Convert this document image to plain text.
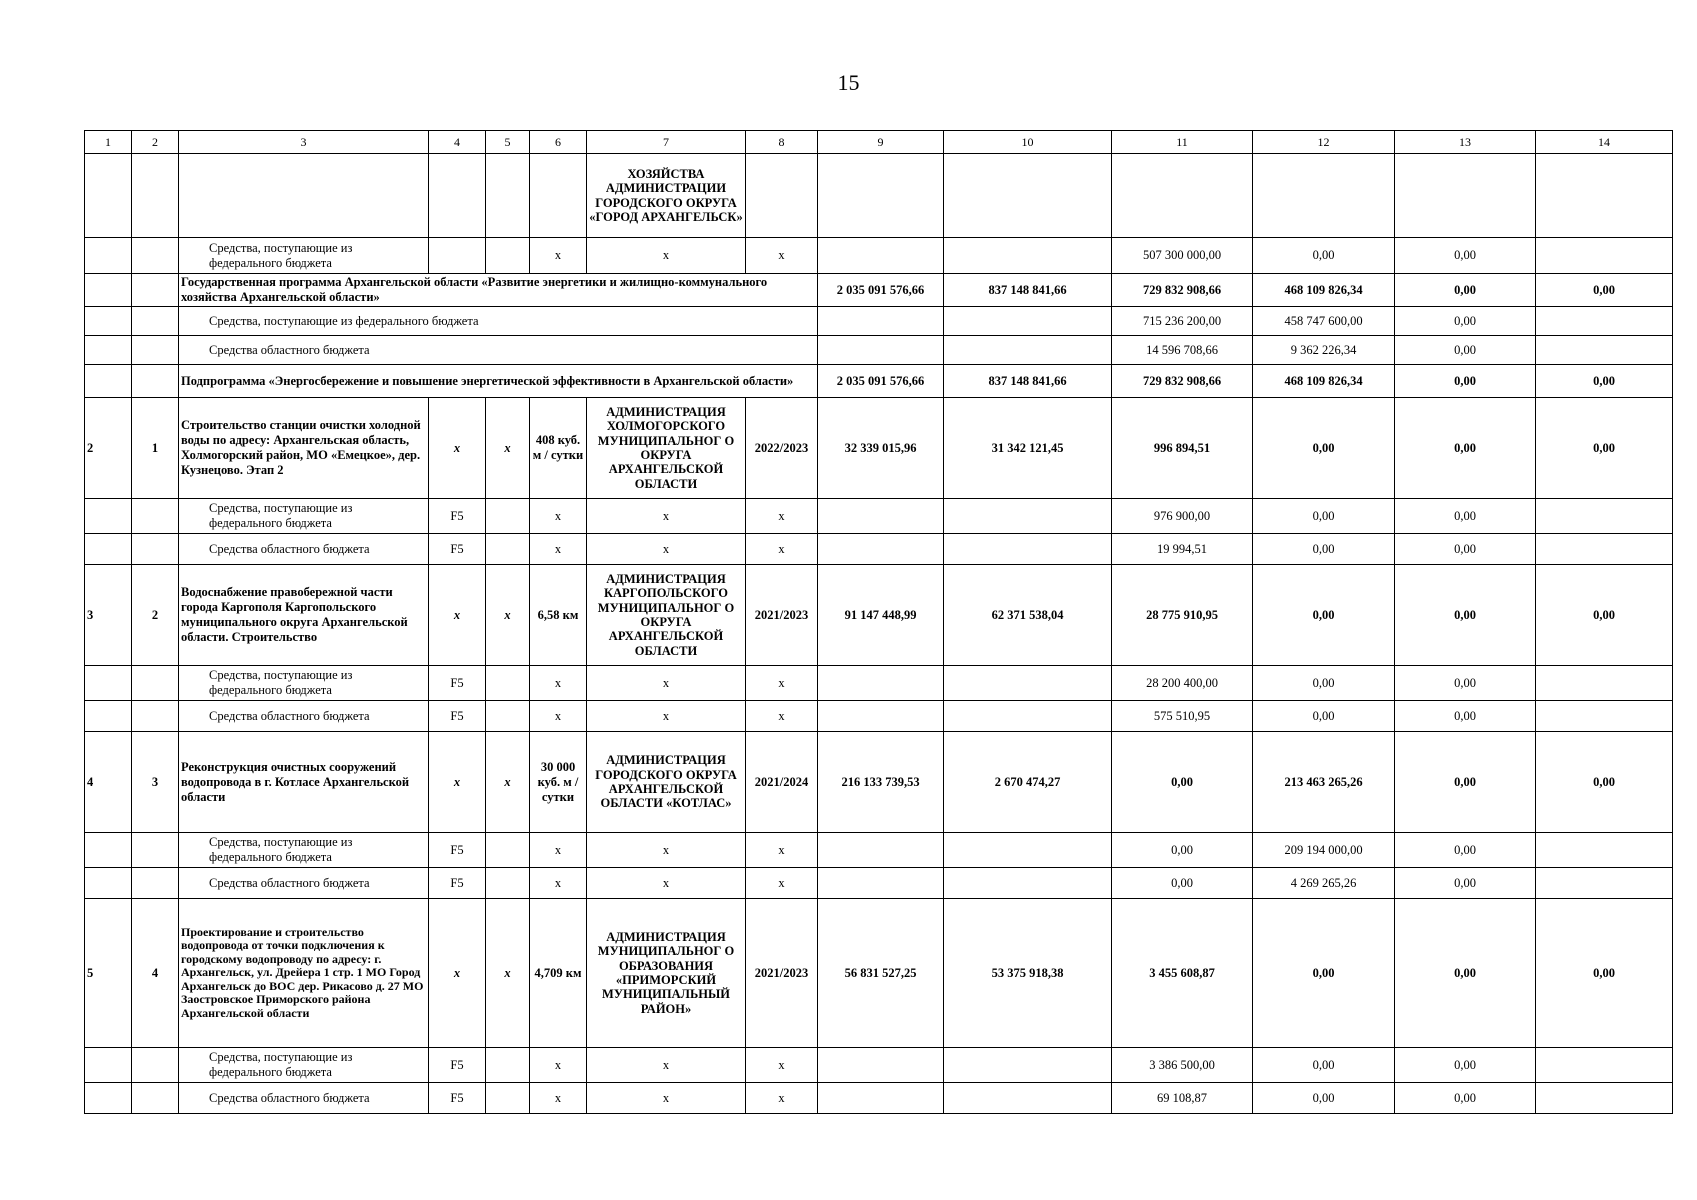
15
1	2	3	4	5	6	7	8	9	10	11	12	13	14
						ХОЗЯЙСТВА АДМИНИСТРАЦИИ ГОРОДСКОГО ОКРУГА «ГОРОД АРХАНГЕЛЬСК»							
		Средства, поступающие из федерального бюджета			x	x	x			507 300 000,00	0,00	0,00	
		Государственная программа Архангельской области «Развитие энергетики и жилищно-коммунального хозяйства Архангельской области»						2 035 091 576,66	837 148 841,66	729 832 908,66	468 109 826,34	0,00	0,00
		Средства, поступающие из федерального бюджета								715 236 200,00	458 747 600,00	0,00	
		Средства областного бюджета								14 596 708,66	9 362 226,34	0,00	
		Подпрограмма «Энергосбережение и повышение энергетической эффективности в Архангельской области»						2 035 091 576,66	837 148 841,66	729 832 908,66	468 109 826,34	0,00	0,00
2	1	Строительство станции очистки холодной воды по адресу: Архангельская область, Холмогорский район, МО «Емецкое», дер. Кузнецово. Этап 2	x	x	408 куб. м / сутки	АДМИНИСТРАЦИЯ ХОЛМОГОРСКОГО МУНИЦИПАЛЬНОГ О ОКРУГА АРХАНГЕЛЬСКОЙ ОБЛАСТИ	2022/2023	32 339 015,96	31 342 121,45	996 894,51	0,00	0,00	0,00
		Средства, поступающие из федерального бюджета	F5		x	x	x			976 900,00	0,00	0,00	
		Средства областного бюджета	F5		x	x	x			19 994,51	0,00	0,00	
3	2	Водоснабжение правобережной части города Каргополя Каргопольского муниципального округа Архангельской области. Строительство	x	x	6,58 км	АДМИНИСТРАЦИЯ КАРГОПОЛЬСКОГО МУНИЦИПАЛЬНОГ О ОКРУГА АРХАНГЕЛЬСКОЙ ОБЛАСТИ	2021/2023	91 147 448,99	62 371 538,04	28 775 910,95	0,00	0,00	0,00
		Средства, поступающие из федерального бюджета	F5		x	x	x			28 200 400,00	0,00	0,00	
		Средства областного бюджета	F5		x	x	x			575 510,95	0,00	0,00	
4	3	Реконструкция очистных сооружений водопровода в г. Котласе Архангельской области	x	x	30 000 куб. м / сутки	АДМИНИСТРАЦИЯ ГОРОДСКОГО ОКРУГА АРХАНГЕЛЬСКОЙ ОБЛАСТИ «КОТЛАС»	2021/2024	216 133 739,53	2 670 474,27	0,00	213 463 265,26	0,00	0,00
		Средства, поступающие из федерального бюджета	F5		x	x	x			0,00	209 194 000,00	0,00	
		Средства областного бюджета	F5		x	x	x			0,00	4 269 265,26	0,00	
5	4	Проектирование и строительство водопровода от точки подключения к городскому водопроводу по адресу: г. Архангельск, ул. Дрейера 1 стр. 1 МО Город Архангельск до ВОС дер. Рикасово д. 27 МО Заостровское Приморского района Архангельской области	x	x	4,709 км	АДМИНИСТРАЦИЯ МУНИЦИПАЛЬНОГ О ОБРАЗОВАНИЯ «ПРИМОРСКИЙ МУНИЦИПАЛЬНЫЙ РАЙОН»	2021/2023	56 831 527,25	53 375 918,38	3 455 608,87	0,00	0,00	0,00
		Средства, поступающие из федерального бюджета	F5		x	x	x			3 386 500,00	0,00	0,00	
		Средства областного бюджета	F5		x	x	x			69 108,87	0,00	0,00	
